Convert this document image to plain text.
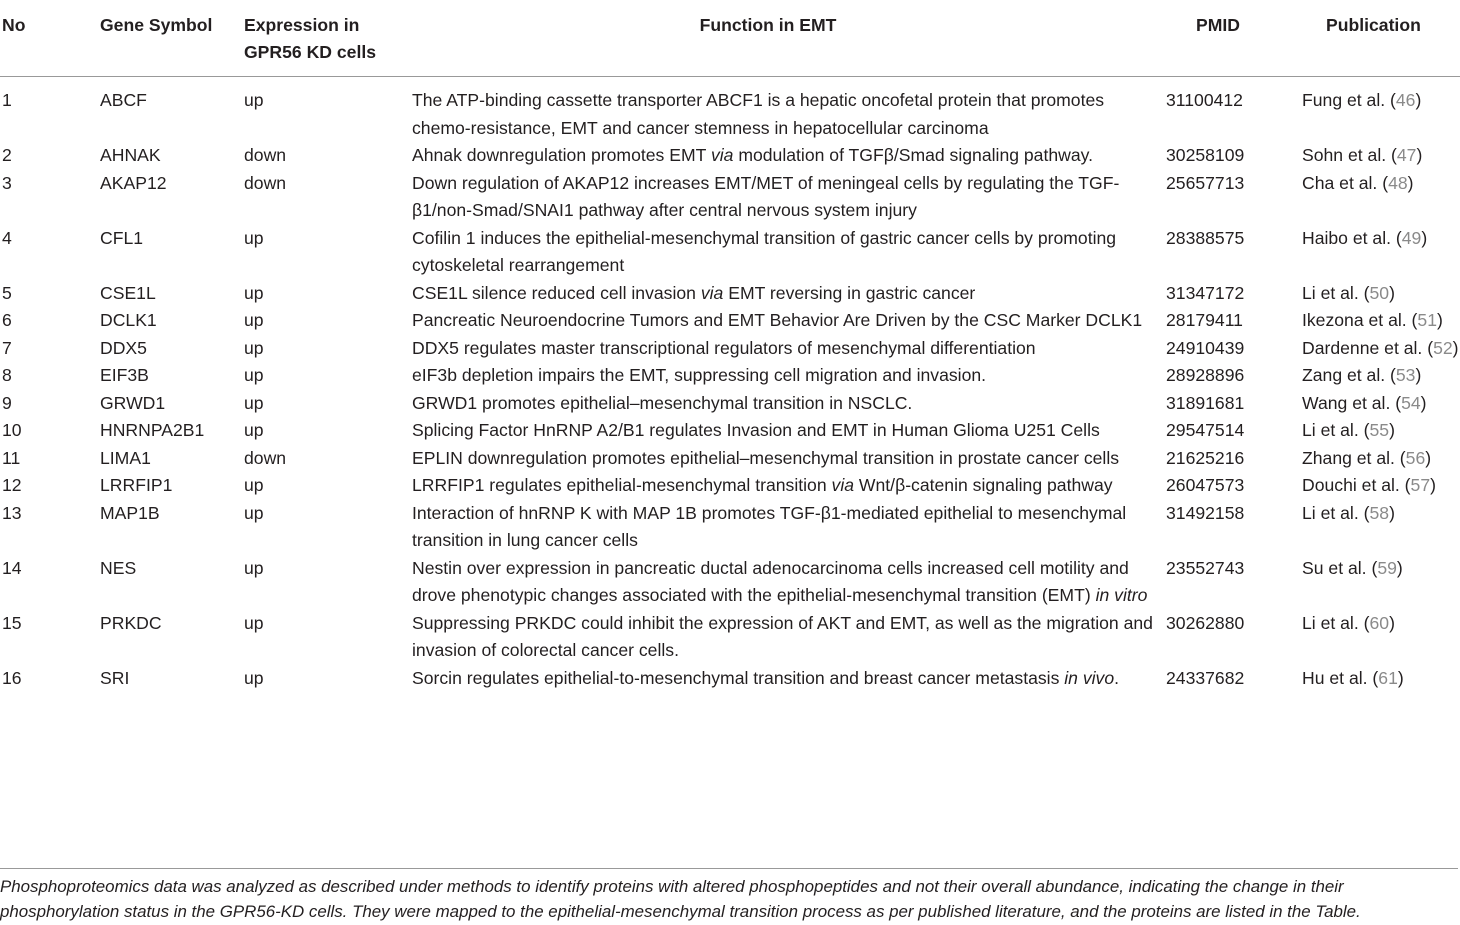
No	Gene Symbol	Expression in GPR56 KD cells	Function in EMT	PMID	Publication
1	ABCF	up	The ATP-binding cassette transporter ABCF1 is a hepatic oncofetal protein that promotes chemo-resistance, EMT and cancer stemness in hepatocellular carcinoma	31100412	Fung et al. (46)
2	AHNAK	down	Ahnak downregulation promotes EMT via modulation of TGFβ/Smad signaling pathway.	30258109	Sohn et al. (47)
3	AKAP12	down	Down regulation of AKAP12 increases EMT/MET of meningeal cells by regulating the TGF-β1/non-Smad/SNAI1 pathway after central nervous system injury	25657713	Cha et al. (48)
4	CFL1	up	Cofilin 1 induces the epithelial-mesenchymal transition of gastric cancer cells by promoting cytoskeletal rearrangement	28388575	Haibo et al. (49)
5	CSE1L	up	CSE1L silence reduced cell invasion via EMT reversing in gastric cancer	31347172	Li et al. (50)
6	DCLK1	up	Pancreatic Neuroendocrine Tumors and EMT Behavior Are Driven by the CSC Marker DCLK1	28179411	Ikezona et al. (51)
7	DDX5	up	DDX5 regulates master transcriptional regulators of mesenchymal differentiation	24910439	Dardenne et al. (52)
8	EIF3B	up	eIF3b depletion impairs the EMT, suppressing cell migration and invasion.	28928896	Zang et al. (53)
9	GRWD1	up	GRWD1 promotes epithelial–mesenchymal transition in NSCLC.	31891681	Wang et al. (54)
10	HNRNPA2B1	up	Splicing Factor HnRNP A2/B1 regulates Invasion and EMT in Human Glioma U251 Cells	29547514	Li et al. (55)
11	LIMA1	down	EPLIN downregulation promotes epithelial–mesenchymal transition in prostate cancer cells	21625216	Zhang et al. (56)
12	LRRFIP1	up	LRRFIP1 regulates epithelial-mesenchymal transition via Wnt/β-catenin signaling pathway	26047573	Douchi et al. (57)
13	MAP1B	up	Interaction of hnRNP K with MAP 1B promotes TGF-β1-mediated epithelial to mesenchymal transition in lung cancer cells	31492158	Li et al. (58)
14	NES	up	Nestin over expression in pancreatic ductal adenocarcinoma cells increased cell motility and drove phenotypic changes associated with the epithelial-mesenchymal transition (EMT) in vitro	23552743	Su et al. (59)
15	PRKDC	up	Suppressing PRKDC could inhibit the expression of AKT and EMT, as well as the migration and invasion of colorectal cancer cells.	30262880	Li et al. (60)
16	SRI	up	Sorcin regulates epithelial-to-mesenchymal transition and breast cancer metastasis in vivo.	24337682	Hu et al. (61)
Phosphoproteomics data was analyzed as described under methods to identify proteins with altered phosphopeptides and not their overall abundance, indicating the change in their phosphorylation status in the GPR56-KD cells. They were mapped to the epithelial-mesenchymal transition process as per published literature, and the proteins are listed in the Table.
